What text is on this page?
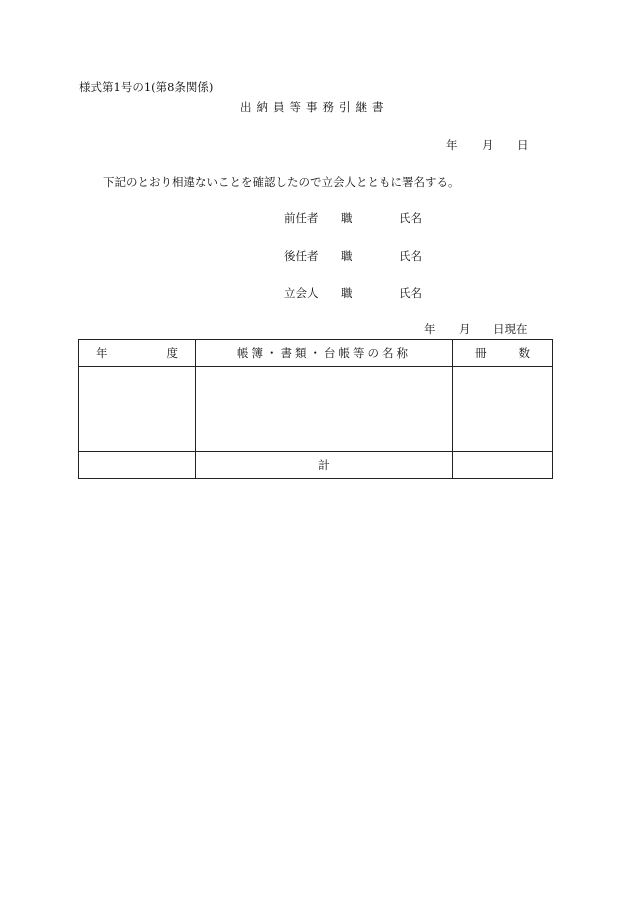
様式第1号の1(第8条関係)
出納員等事務引継書
年 月 日
下記のとおり相違ないことを確認したので立会人とともに署名する。
前任者 職	氏名
後任者 職	氏名
立会人 職	氏名
年 月 日現在
年 度	帳簿・書類・台帳等の名称	冊 数

	計	
